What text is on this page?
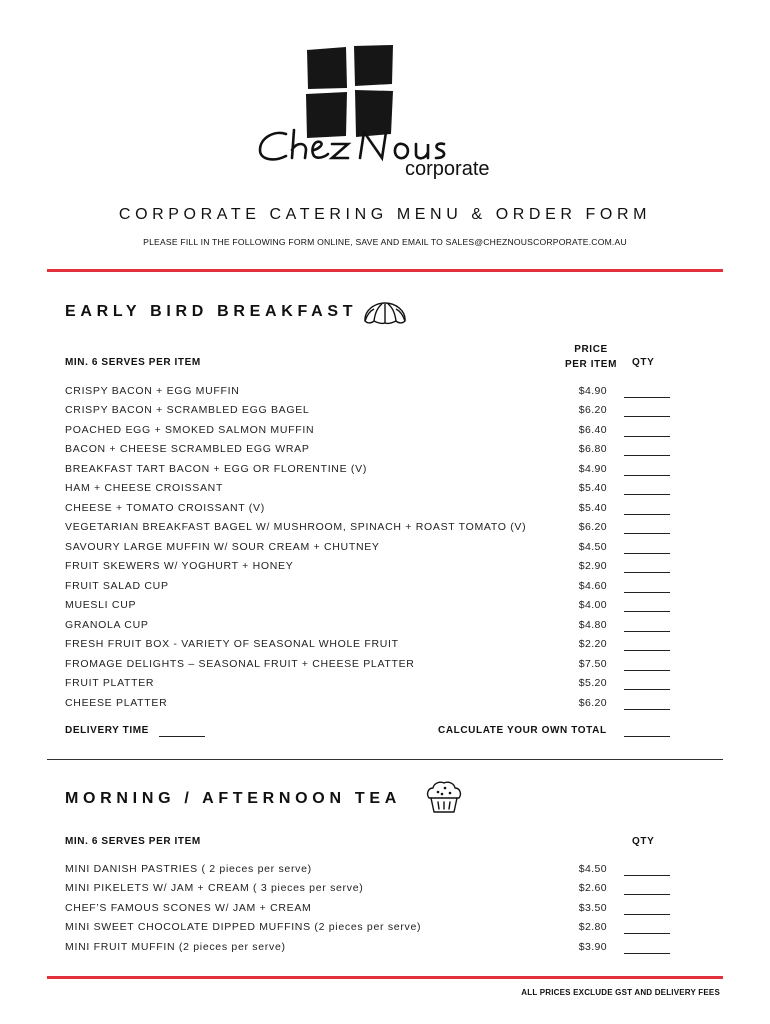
corporate
CORPORATE CATERING MENU & ORDER FORM
PLEASE FILL IN THE FOLLOWING FORM ONLINE, SAVE AND EMAIL TO SALES@CHEZNOUSCORPORATE.COM.AU
EARLY BIRD BREAKFAST
MIN. 6 SERVES PER ITEM
PRICE
PER ITEM	QTY
CRISPY BACON + EGG MUFFIN	$4.90
CRISPY BACON + SCRAMBLED EGG BAGEL	$6.20
POACHED EGG + SMOKED SALMON MUFFIN	$6.40
BACON + CHEESE SCRAMBLED EGG WRAP	$6.80
BREAKFAST TART BACON + EGG OR FLORENTINE (V)	$4.90
HAM + CHEESE CROISSANT	$5.40
CHEESE + TOMATO CROISSANT (V)	$5.40
VEGETARIAN BREAKFAST BAGEL W/ MUSHROOM, SPINACH + ROAST TOMATO (V)	$6.20
SAVOURY LARGE MUFFIN W/ SOUR CREAM + CHUTNEY	$4.50
FRUIT SKEWERS W/ YOGHURT + HONEY	$2.90
FRUIT SALAD CUP	$4.60
MUESLI CUP	$4.00
GRANOLA CUP	$4.80
FRESH FRUIT BOX - VARIETY OF SEASONAL WHOLE FRUIT	$2.20
FROMAGE DELIGHTS – SEASONAL FRUIT + CHEESE PLATTER	$7.50
FRUIT PLATTER	$5.20
CHEESE PLATTER	$6.20
DELIVERY TIME	CALCULATE YOUR OWN TOTAL
MORNING / AFTERNOON TEA
MIN. 6 SERVES PER ITEM	QTY
MINI DANISH PASTRIES ( 2 pieces per serve)	$4.50
MINI PIKELETS W/ JAM + CREAM ( 3 pieces per serve)	$2.60
CHEF’S FAMOUS SCONES W/ JAM + CREAM	$3.50
MINI SWEET CHOCOLATE DIPPED MUFFINS (2 pieces per serve)	$2.80
MINI FRUIT MUFFIN (2 pieces per serve)	$3.90
ALL PRICES EXCLUDE GST AND DELIVERY FEES
